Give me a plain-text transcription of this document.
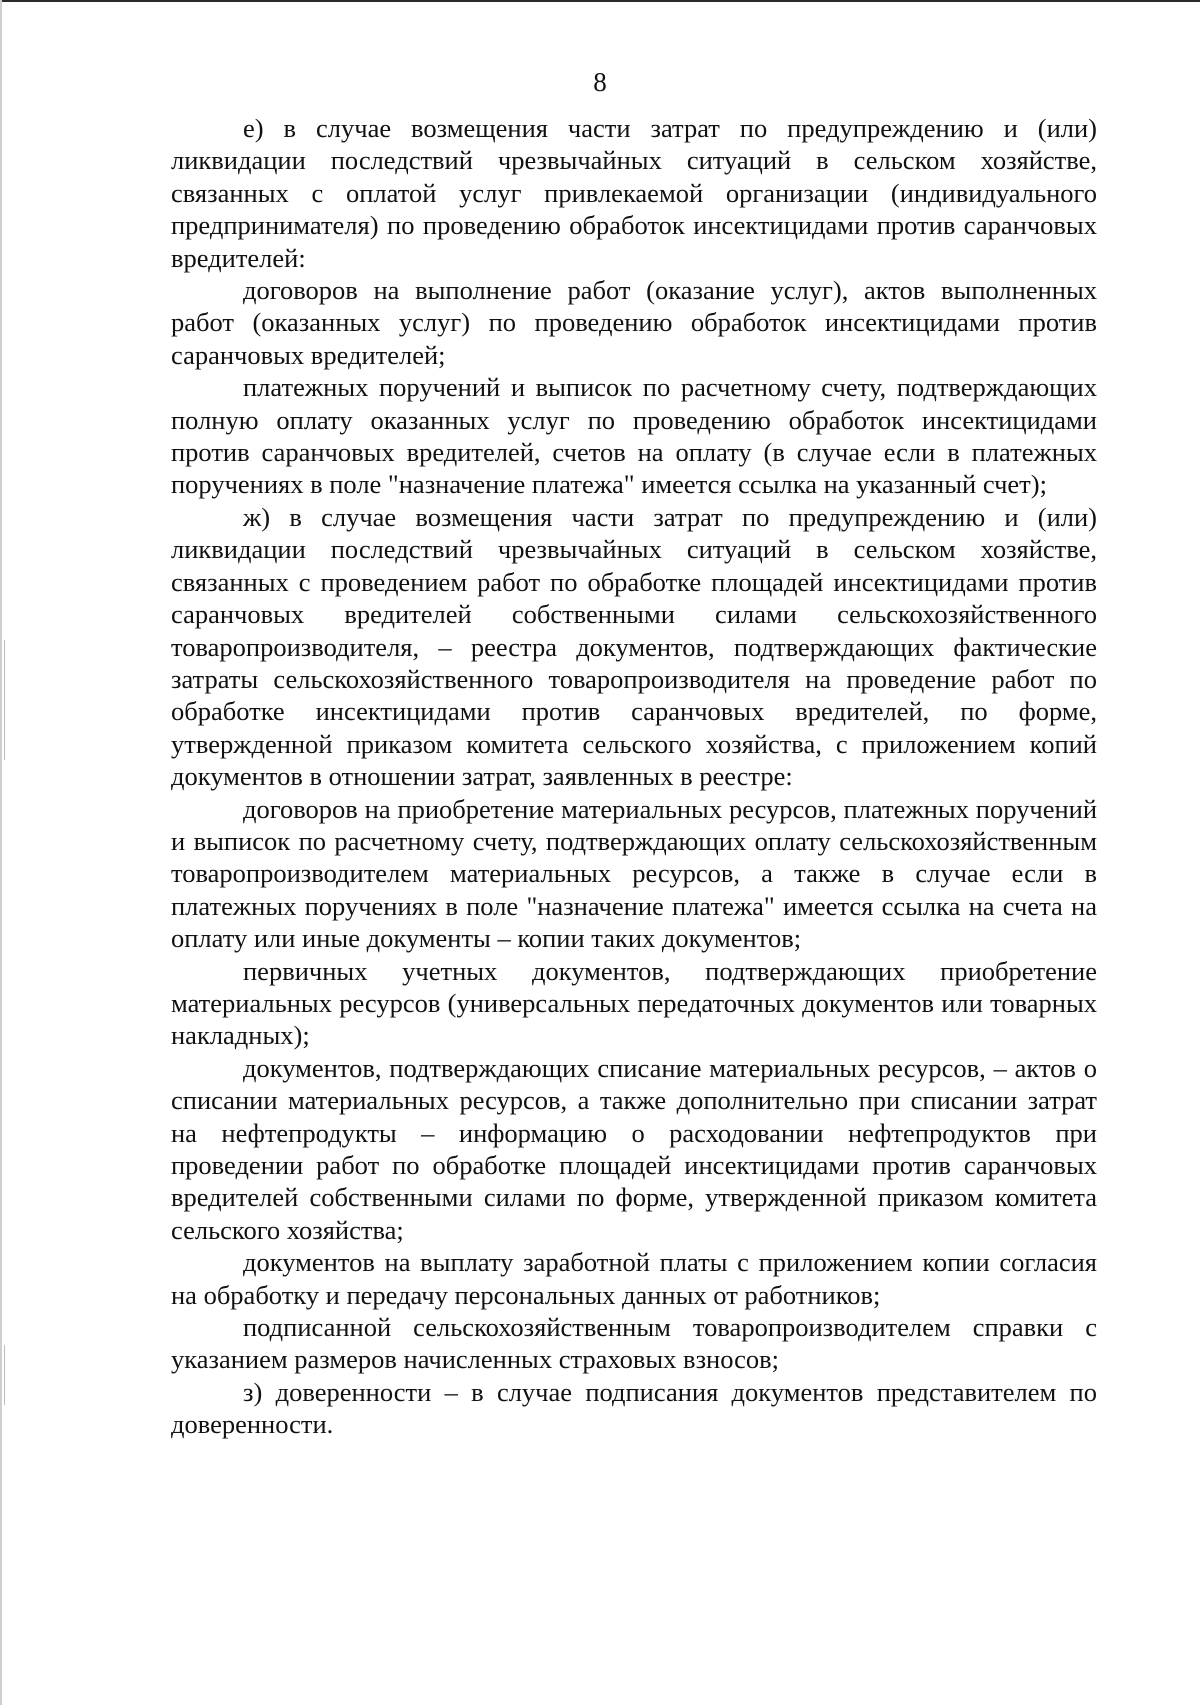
8

е) в случае возмещения части затрат по предупреждению и (или) ликвидации последствий чрезвычайных ситуаций в сельском хозяйстве, связанных с оплатой услуг привлекаемой организации (индивидуального предпринимателя) по проведению обработок инсектицидами против саранчовых вредителей:

договоров на выполнение работ (оказание услуг), актов выполненных работ (оказанных услуг) по проведению обработок инсектицидами против саранчовых вредителей;

платежных поручений и выписок по расчетному счету, подтверждающих полную оплату оказанных услуг по проведению обработок инсектицидами против саранчовых вредителей, счетов на оплату (в случае если в платежных поручениях в поле "назначение платежа" имеется ссылка на указанный счет);

ж) в случае возмещения части затрат по предупреждению и (или) ликвидации последствий чрезвычайных ситуаций в сельском хозяйстве, связанных с проведением работ по обработке площадей инсектицидами против саранчовых вредителей собственными силами сельскохозяйственного товаропроизводителя, – реестра документов, подтверждающих фактические затраты сельскохозяйственного товаропроизводителя на проведение работ по обработке инсектицидами против саранчовых вредителей, по форме, утвержденной приказом комитета сельского хозяйства, с приложением копий документов в отношении затрат, заявленных в реестре:

договоров на приобретение материальных ресурсов, платежных поручений и выписок по расчетному счету, подтверждающих оплату сельскохозяйственным товаропроизводителем материальных ресурсов, а также в случае если в платежных поручениях в поле "назначение платежа" имеется ссылка на счета на оплату или иные документы – копии таких документов;

первичных учетных документов, подтверждающих приобретение материальных ресурсов (универсальных передаточных документов или товарных накладных);

документов, подтверждающих списание материальных ресурсов, – актов о списании материальных ресурсов, а также дополнительно при списании затрат на нефтепродукты – информацию о расходовании нефтепродуктов при проведении работ по обработке площадей инсектицидами против саранчовых вредителей собственными силами по форме, утвержденной приказом комитета сельского хозяйства;

документов на выплату заработной платы с приложением копии согласия на обработку и передачу персональных данных от работников;

подписанной сельскохозяйственным товаропроизводителем справки с указанием размеров начисленных страховых взносов;

з) доверенности – в случае подписания документов представителем по доверенности.
